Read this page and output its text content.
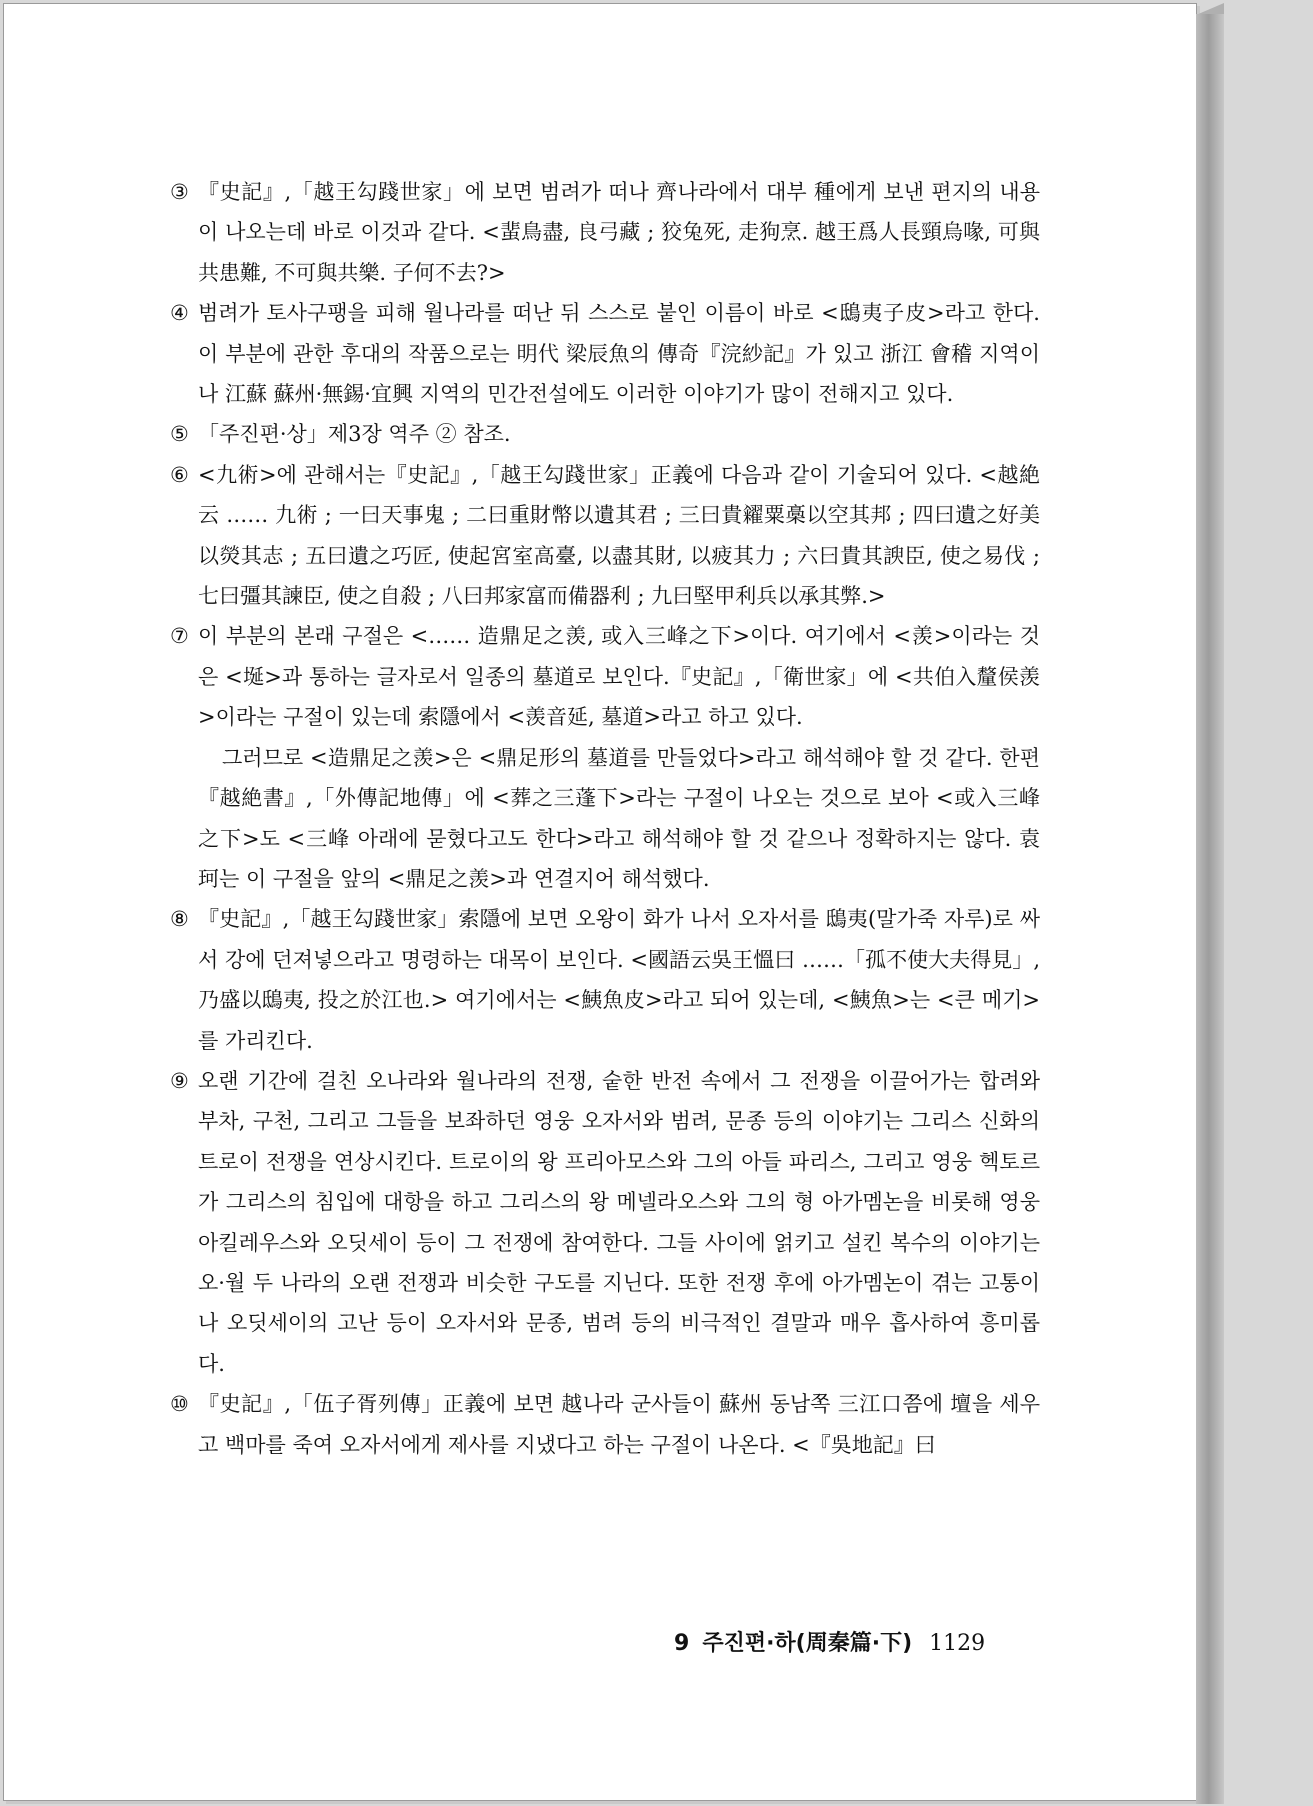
③ 『史記』,「越王勾踐世家」에 보면 범려가 떠나 齊나라에서 대부 種에게 보낸 편지의 내용이 나오는데 바로 이것과 같다. <蜚鳥盡, 良弓藏 ; 狡兔死, 走狗烹. 越王爲人長頸烏喙, 可與共患難, 不可與共樂. 子何不去?>
④ 범려가 토사구팽을 피해 월나라를 떠난 뒤 스스로 붙인 이름이 바로 <鴟夷子皮>라고 한다. 이 부분에 관한 후대의 작품으로는 明代 梁辰魚의 傳奇『浣紗記』가 있고 浙江 會稽 지역이나 江蘇 蘇州·無錫·宜興 지역의 민간전설에도 이러한 이야기가 많이 전해지고 있다.
⑤ 「주진편·상」제3장 역주 ② 참조.
⑥ <九術>에 관해서는『史記』,「越王勾踐世家」正義에 다음과 같이 기술되어 있다. <越絶云 …… 九術 ; 一曰天事鬼 ; 二曰重財幣以遺其君 ; 三曰貴糴粟槀以空其邦 ; 四曰遺之好美以熒其志 ; 五曰遺之巧匠, 使起宮室高臺, 以盡其財, 以疲其力 ; 六曰貴其諛臣, 使之易伐 ; 七曰彊其諫臣, 使之自殺 ; 八曰邦家富而備器利 ; 九曰堅甲利兵以承其弊.>
⑦ 이 부분의 본래 구절은 <…… 造鼎足之羡, 或入三峰之下>이다. 여기에서 <羡>이라는 것은 <埏>과 통하는 글자로서 일종의 墓道로 보인다.『史記』,「衛世家」에 <共伯入釐侯羡>이라는 구절이 있는데 索隱에서 <羡音延, 墓道>라고 하고 있다.
그러므로 <造鼎足之羡>은 <鼎足形의 墓道를 만들었다>라고 해석해야 할 것 같다. 한편『越絶書』,「外傳記地傳」에 <葬之三蓬下>라는 구절이 나오는 것으로 보아 <或入三峰之下>도 <三峰 아래에 묻혔다고도 한다>라고 해석해야 할 것 같으나 정확하지는 않다. 袁珂는 이 구절을 앞의 <鼎足之羡>과 연결지어 해석했다.
⑧ 『史記』,「越王勾踐世家」索隱에 보면 오왕이 화가 나서 오자서를 鴟夷(말가죽 자루)로 싸서 강에 던져넣으라고 명령하는 대목이 보인다. <國語云吳王慍曰 ……「孤不使大夫得見」, 乃盛以鴟夷, 投之於江也.> 여기에서는 <鮧魚皮>라고 되어 있는데, <鮧魚>는 <큰 메기>를 가리킨다.
⑨ 오랜 기간에 걸친 오나라와 월나라의 전쟁, 숱한 반전 속에서 그 전쟁을 이끌어가는 합려와 부차, 구천, 그리고 그들을 보좌하던 영웅 오자서와 범려, 문종 등의 이야기는 그리스 신화의 트로이 전쟁을 연상시킨다. 트로이의 왕 프리아모스와 그의 아들 파리스, 그리고 영웅 헥토르가 그리스의 침입에 대항을 하고 그리스의 왕 메넬라오스와 그의 형 아가멤논을 비롯해 영웅 아킬레우스와 오딧세이 등이 그 전쟁에 참여한다. 그들 사이에 얽키고 설킨 복수의 이야기는 오·월 두 나라의 오랜 전쟁과 비슷한 구도를 지닌다. 또한 전쟁 후에 아가멤논이 겪는 고통이나 오딧세이의 고난 등이 오자서와 문종, 범려 등의 비극적인 결말과 매우 흡사하여 흥미롭다.
⑩ 『史記』,「伍子胥列傳」正義에 보면 越나라 군사들이 蘇州 동남쪽 三江口쯤에 壇을 세우고 백마를 죽여 오자서에게 제사를 지냈다고 하는 구절이 나온다. <『吳地記』曰
9 주진편·하(周秦篇·下) 1129
